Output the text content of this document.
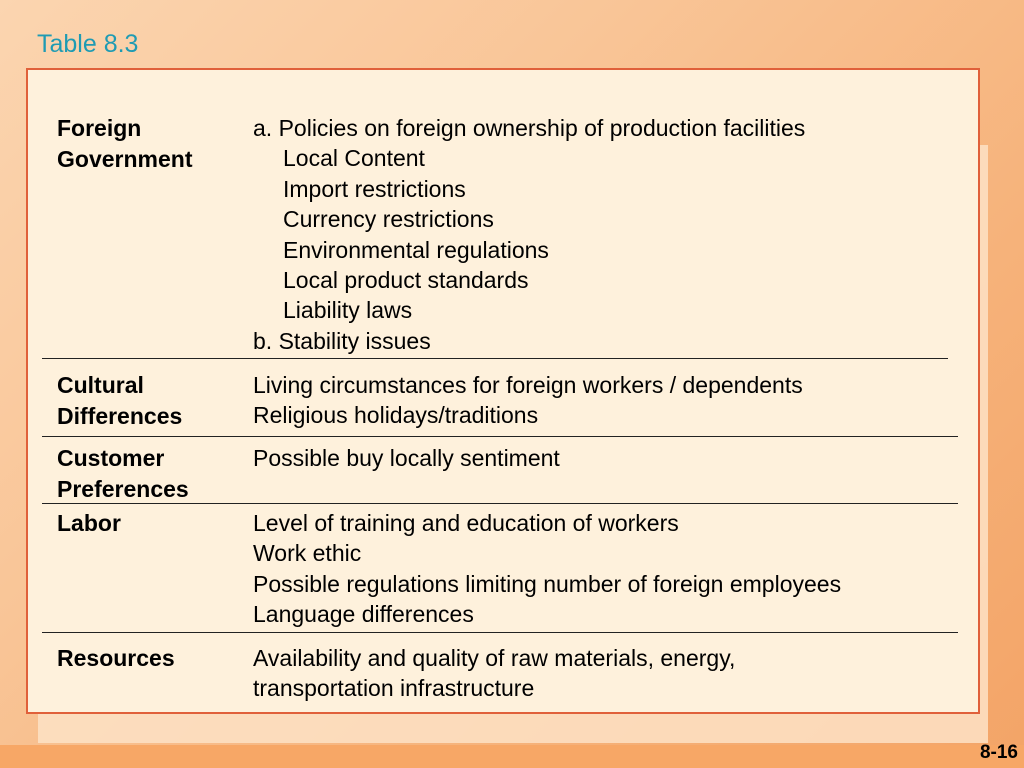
Table 8.3
Foreign
Government
a. Policies on foreign ownership of production facilities
Local Content
Import restrictions
Currency restrictions
Environmental regulations
Local product standards
Liability laws
b. Stability issues
Cultural
Differences
Living circumstances for foreign workers / dependents
Religious holidays/traditions
Customer
Preferences
Possible buy locally sentiment
Labor	Level of training and education of workers
Work ethic
Possible regulations limiting number of foreign employees
Language differences
Resources	Availability and quality of raw materials, energy,
transportation infrastructure
8-16
